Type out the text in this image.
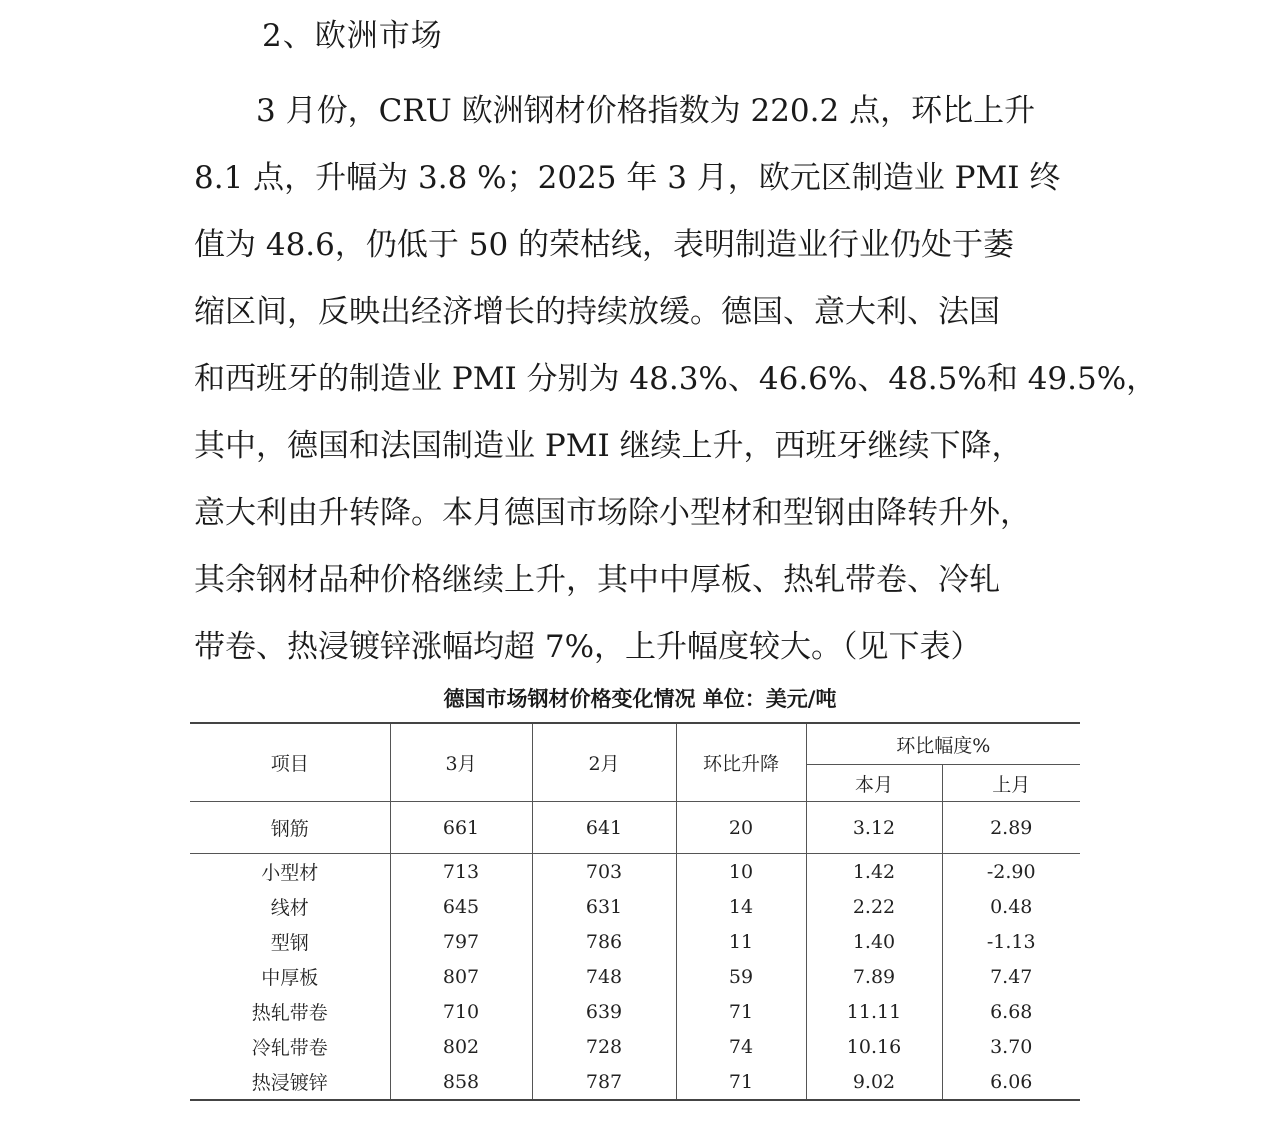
2、欧洲市场
　　3 月份，CRU 欧洲钢材价格指数为 220.2 点，环比上升
8.1 点，升幅为 3.8 %；2025 年 3 月，欧元区制造业 PMI 终
值为 48.6，仍低于 50 的荣枯线，表明制造业行业仍处于萎
缩区间，反映出经济增长的持续放缓。德国、意大利、法国
和西班牙的制造业 PMI 分别为 48.3%、46.6%、48.5%和 49.5%，
其中，德国和法国制造业 PMI 继续上升，西班牙继续下降，
意大利由升转降。本月德国市场除小型材和型钢由降转升外，
其余钢材品种价格继续上升，其中中厚板、热轧带卷、冷轧
带卷、热浸镀锌涨幅均超 7%，上升幅度较大。（见下表）
德国市场钢材价格变化情况 单位：美元/吨
项目	3月	2月	环比升降	环比幅度%	
				本月	上月
钢筋	661	641	20	3.12	2.89
小型材	713	703	10	1.42	-2.90
线材	645	631	14	2.22	0.48
型钢	797	786	11	1.40	-1.13
中厚板	807	748	59	7.89	7.47
热轧带卷	710	639	71	11.11	6.68
冷轧带卷	802	728	74	10.16	3.70
热浸镀锌	858	787	71	9.02	6.06
